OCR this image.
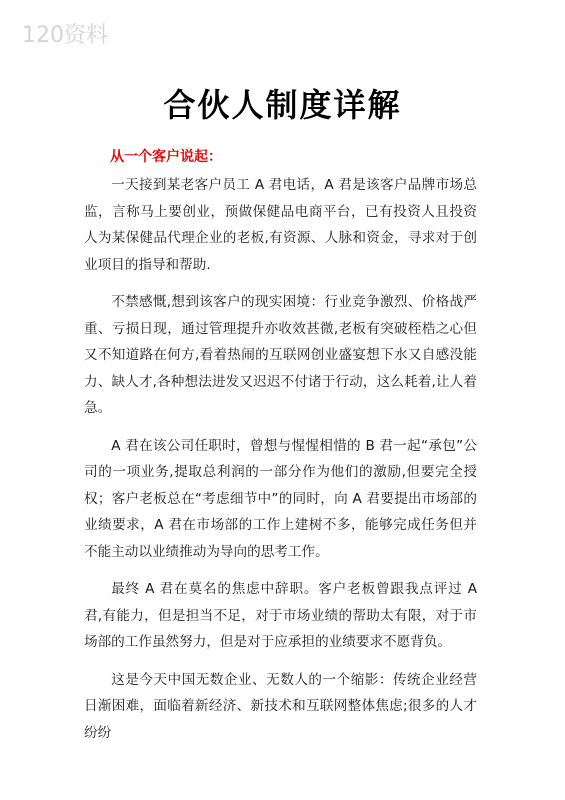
120资料
合伙人制度详解
从一个客户说起：

一天接到某老客户员工 A 君电话，A 君是该客户品牌市场总监，言称马上要创业，预做保健品电商平台，已有投资人且投资人为某保健品代理企业的老板,有资源、人脉和资金，寻求对于创业项目的指导和帮助.

不禁感慨,想到该客户的现实困境：行业竞争激烈、价格战严重、亏损日现，通过管理提升亦收效甚微,老板有突破桎梏之心但又不知道路在何方,看着热闹的互联网创业盛宴想下水又自感没能力、缺人才,各种想法进发又迟迟不付诸于行动，这么耗着,让人着急。

A 君在该公司任职时，曾想与惺惺相惜的 B 君一起“承包”公司的一项业务,提取总利润的一部分作为他们的激励,但要完全授权；客户老板总在“考虑细节中”的同时，向 A 君要提出市场部的业绩要求，A 君在市场部的工作上建树不多，能够完成任务但并不能主动以业绩推动为导向的思考工作。

最终 A 君在莫名的焦虑中辞职。客户老板曾跟我点评过 A 君,有能力，但是担当不足，对于市场业绩的帮助太有限，对于市场部的工作虽然努力，但是对于应承担的业绩要求不愿背负。

这是今天中国无数企业、无数人的一个缩影：传统企业经营日渐困难，面临着新经济、新技术和互联网整体焦虑;很多的人才纷纷
